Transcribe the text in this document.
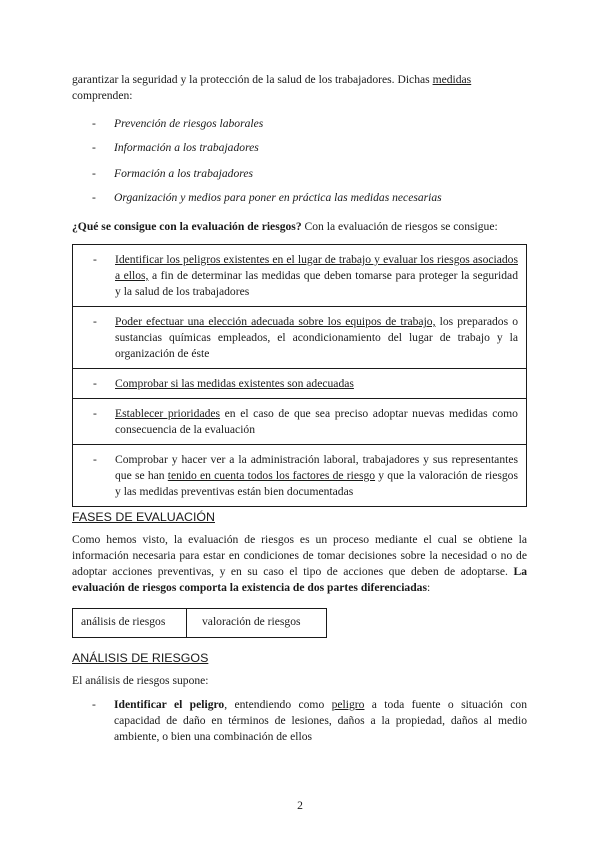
garantizar la seguridad y la protección de la salud de los trabajadores. Dichas medidas
comprenden:
-	Prevención de riesgos laborales
-	Información a los trabajadores
-	Formación a los trabajadores
-	Organización y medios para poner en práctica las medidas necesarias
¿Qué se consigue con la evaluación de riesgos? Con la evaluación de riesgos se consigue:
-	Identificar los peligros existentes en el lugar de trabajo y evaluar los riesgos asociados a ellos, a fin de determinar las medidas que deben tomarse para proteger la seguridad y la salud de los trabajadores

-	Poder efectuar una elección adecuada sobre los equipos de trabajo, los preparados o sustancias químicas empleados, el acondicionamiento del lugar de trabajo y la organización de éste

-	Comprobar si las medidas existentes son adecuadas

-	Establecer prioridades en el caso de que sea preciso adoptar nuevas medidas como consecuencia de la evaluación

-	Comprobar y hacer ver a la administración laboral, trabajadores y sus representantes que se han tenido en cuenta todos los factores de riesgo y que la valoración de riesgos y las medidas preventivas están bien documentadas
FASES DE EVALUACIÓN
Como hemos visto, la evaluación de riesgos es un proceso mediante el cual se obtiene la información necesaria para estar en condiciones de tomar decisiones sobre la necesidad o no de adoptar acciones preventivas, y en su caso el tipo de acciones que deben de adoptarse. La evaluación de riesgos comporta la existencia de dos partes diferenciadas:
análisis de riesgos	valoración de riesgos
ANÁLISIS DE RIESGOS
El análisis de riesgos supone:
-	Identificar el peligro, entendiendo como peligro a toda fuente o situación con capacidad de daño en términos de lesiones, daños a la propiedad, daños al medio ambiente, o bien una combinación de ellos
2
